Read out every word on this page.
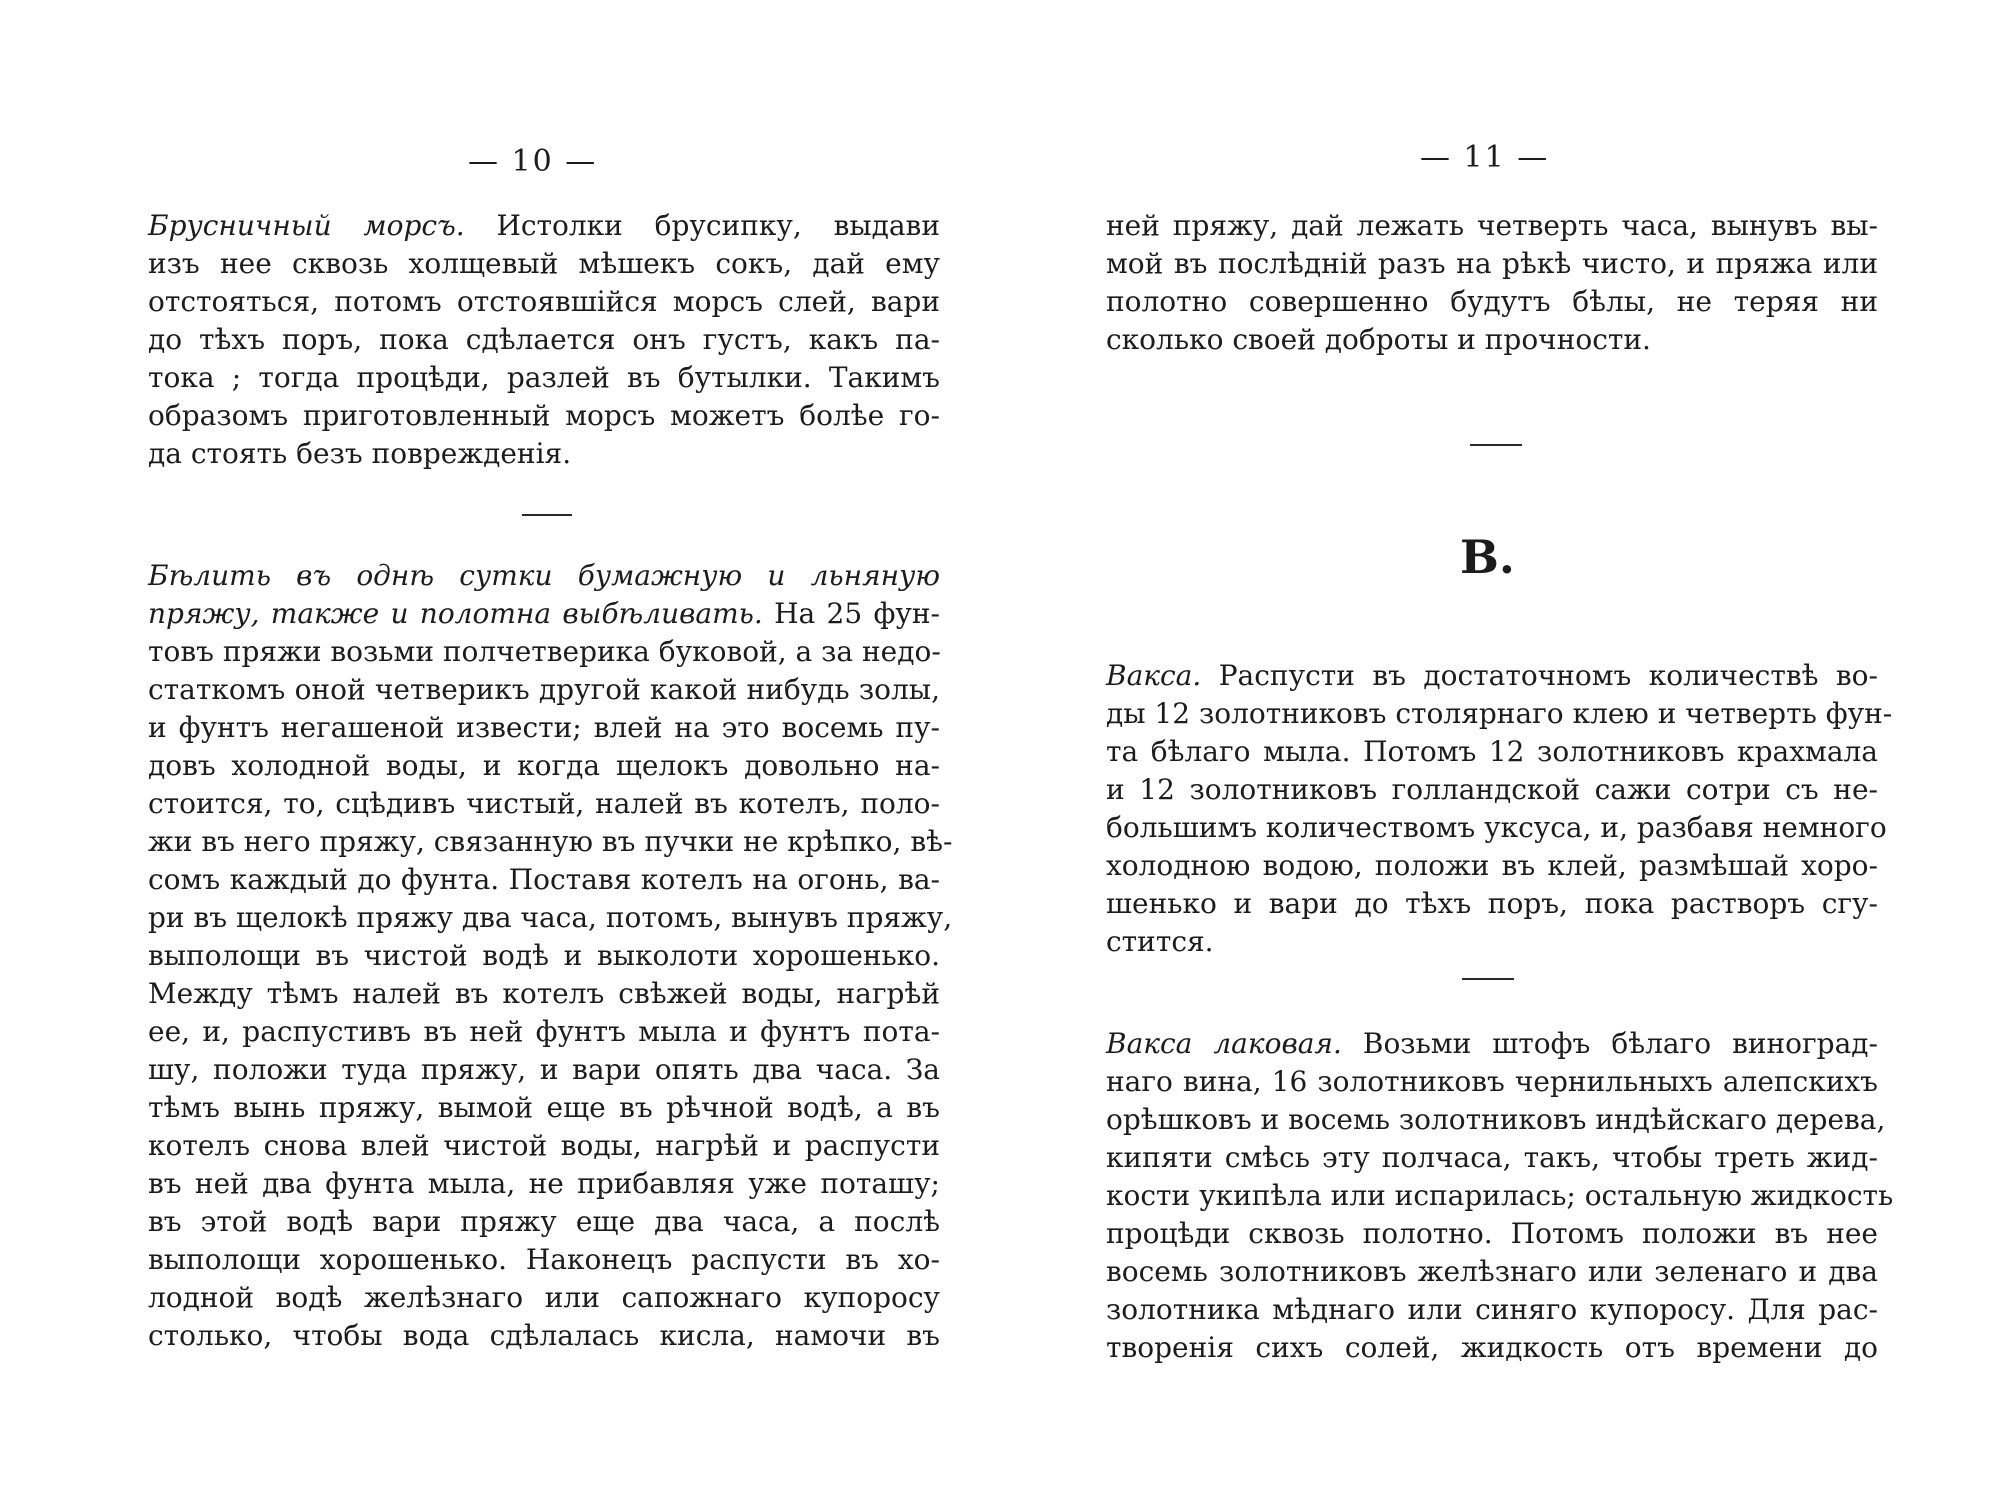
— 10 —
Брусничный морсъ. Истолки брусипку, выдави
изъ нее сквозь холщевый мѣшекъ сокъ, дай ему
отстояться, потомъ отстоявшійся морсъ слей, вари
до тѣхъ поръ, пока сдѣлается онъ густъ, какъ па-
тока ; тогда процѣди, разлей въ бутылки. Такимъ
образомъ приготовленный морсъ можетъ болѣе го-
да стоять безъ поврежденія.
Бѣлить въ однѣ сутки бумажную и льняную
пряжу, также и полотна выбѣливать. На 25 фун-
товъ пряжи возьми полчетверика буковой, а за недо-
статкомъ оной четверикъ другой какой нибудь золы,
и фунтъ негашеной извести; влей на это восемь пу-
довъ холодной воды, и когда щелокъ довольно на-
стоится, то, сцѣдивъ чистый, налей въ котелъ, поло-
жи въ него пряжу, связанную въ пучки не крѣпко, вѣ-
сомъ каждый до фунта. Поставя котелъ на огонь, ва-
ри въ щелокѣ пряжу два часа, потомъ, вынувъ пряжу,
выполощи въ чистой водѣ и выколоти хорошенько.
Между тѣмъ налей въ котелъ свѣжей воды, нагрѣй
ее, и, распустивъ въ ней фунтъ мыла и фунтъ пота-
шу, положи туда пряжу, и вари опять два часа. За
тѣмъ вынь пряжу, вымой еще въ рѣчной водѣ, а въ
котелъ снова влей чистой воды, нагрѣй и распусти
въ ней два фунта мыла, не прибавляя уже поташу;
въ этой водѣ вари пряжу еще два часа, а послѣ
выполощи хорошенько. Наконецъ распусти въ хо-
лодной водѣ желѣзнаго или сапожнаго купоросу
столько, чтобы вода сдѣлалась кисла, намочи въ
— 11 —
ней пряжу, дай лежать четверть часа, вынувъ вы-
мой въ послѣдній разъ на рѣкѣ чисто, и пряжа или
полотно совершенно будутъ бѣлы, не теряя ни
сколько своей доброты и прочности.
В.
Вакса. Распусти въ достаточномъ количествѣ во-
ды 12 золотниковъ столярнаго клею и четверть фун-
та бѣлаго мыла. Потомъ 12 золотниковъ крахмала
и 12 золотниковъ голландской сажи сотри съ не-
большимъ количествомъ уксуса, и, разбавя немного
холодною водою, положи въ клей, размѣшай хоро-
шенько и вари до тѣхъ поръ, пока растворъ сгу-
стится.
Вакса лаковая. Возьми штофъ бѣлаго виноград-
наго вина, 16 золотниковъ чернильныхъ алепскихъ
орѣшковъ и восемь золотниковъ индѣйскаго дерева,
кипяти смѣсь эту полчаса, такъ, чтобы треть жид-
кости укипѣла или испарилась; остальную жидкость
процѣди сквозь полотно. Потомъ положи въ нее
восемь золотниковъ желѣзнаго или зеленаго и два
золотника мѣднаго или синяго купоросу. Для рас-
творенія сихъ солей, жидкость отъ времени до
